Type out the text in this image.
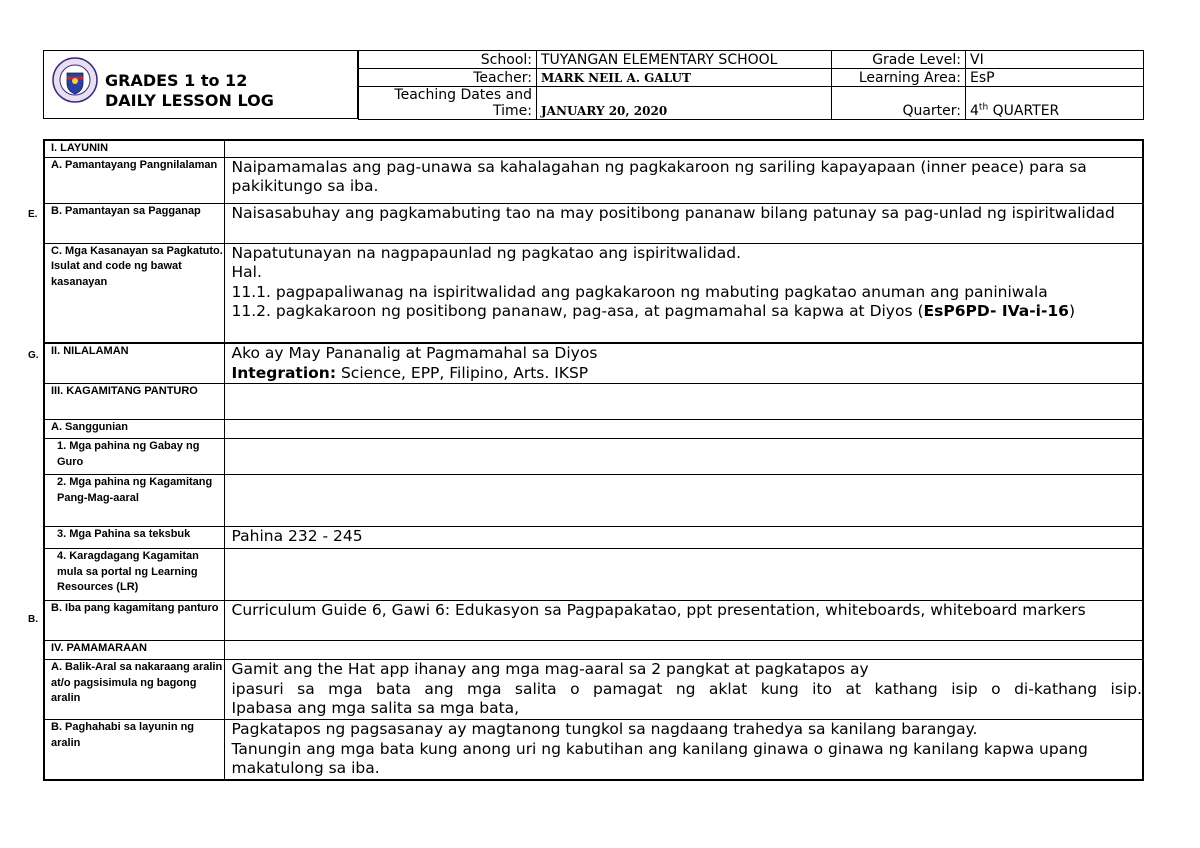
GRADES 1 to 12
DAILY LESSON LOG
School:	TUYANGAN ELEMENTARY SCHOOL	Grade Level:	VI
Teacher:	MARK NEIL A. GALUT	Learning Area:	EsP

Teaching Dates and
Time:	JANUARY 20, 2020	Quarter:	4th QUARTER
E.
G.
B.
I. LAYUNIN	
A. Pamantayang Pangnilalaman	Naipamamalas ang pag-unawa sa kahalagahan ng pagkakaroon ng sariling kapayapaan (inner peace) para sa pakikitungo sa iba.
B. Pamantayan sa Pagganap	Naisasabuhay ang pagkamabuting tao na may positibong pananaw bilang patunay sa pag-unlad ng ispiritwalidad
C. Mga Kasanayan sa Pagkatuto. Isulat and code ng bawat kasanayan	Napatutunayan na nagpapaunlad ng pagkatao ang ispiritwalidad.
Hal.
11.1. pagpapaliwanag na ispiritwalidad ang pagkakaroon ng mabuting pagkatao anuman ang paniniwala
11.2. pagkakaroon ng positibong pananaw, pag-asa, at pagmamahal sa kapwa at Diyos (EsP6PD- IVa-i-16)

II. NILALAMAN	Ako ay May Pananalig at Pagmamahal sa Diyos
Integration: Science, EPP, Filipino, Arts. IKSP

III. KAGAMITANG PANTURO	
A. Sanggunian	
1. Mga pahina ng Gabay ng Guro	
2. Mga pahina ng Kagamitang Pang-Mag-aaral	
3. Mga Pahina sa teksbuk	Pahina 232 - 245
4. Karagdagang Kagamitan mula sa portal ng Learning Resources (LR)	
B. Iba pang kagamitang panturo	Curriculum Guide 6, Gawi 6: Edukasyon sa Pagpapakatao, ppt presentation, whiteboards, whiteboard markers
IV. PAMAMARAAN	
A. Balik-Aral sa nakaraang aralin at/o pagsisimula ng bagong aralin	Gamit ang the Hat app ihanay ang mga mag-aaral sa 2 pangkat at pagkatapos ay
ipasuri sa mga bata ang mga salita o pamagat ng aklat kung ito at kathang isip o di-kathang isip.
Ipabasa ang mga salita sa mga bata,

B. Paghahabi sa layunin ng aralin	Pagkatapos ng pagsasanay ay magtanong tungkol sa nagdaang trahedya sa kanilang barangay.
Tanungin ang mga bata kung anong uri ng kabutihan ang kanilang ginawa o ginawa ng kanilang kapwa upang makatulong sa iba.
